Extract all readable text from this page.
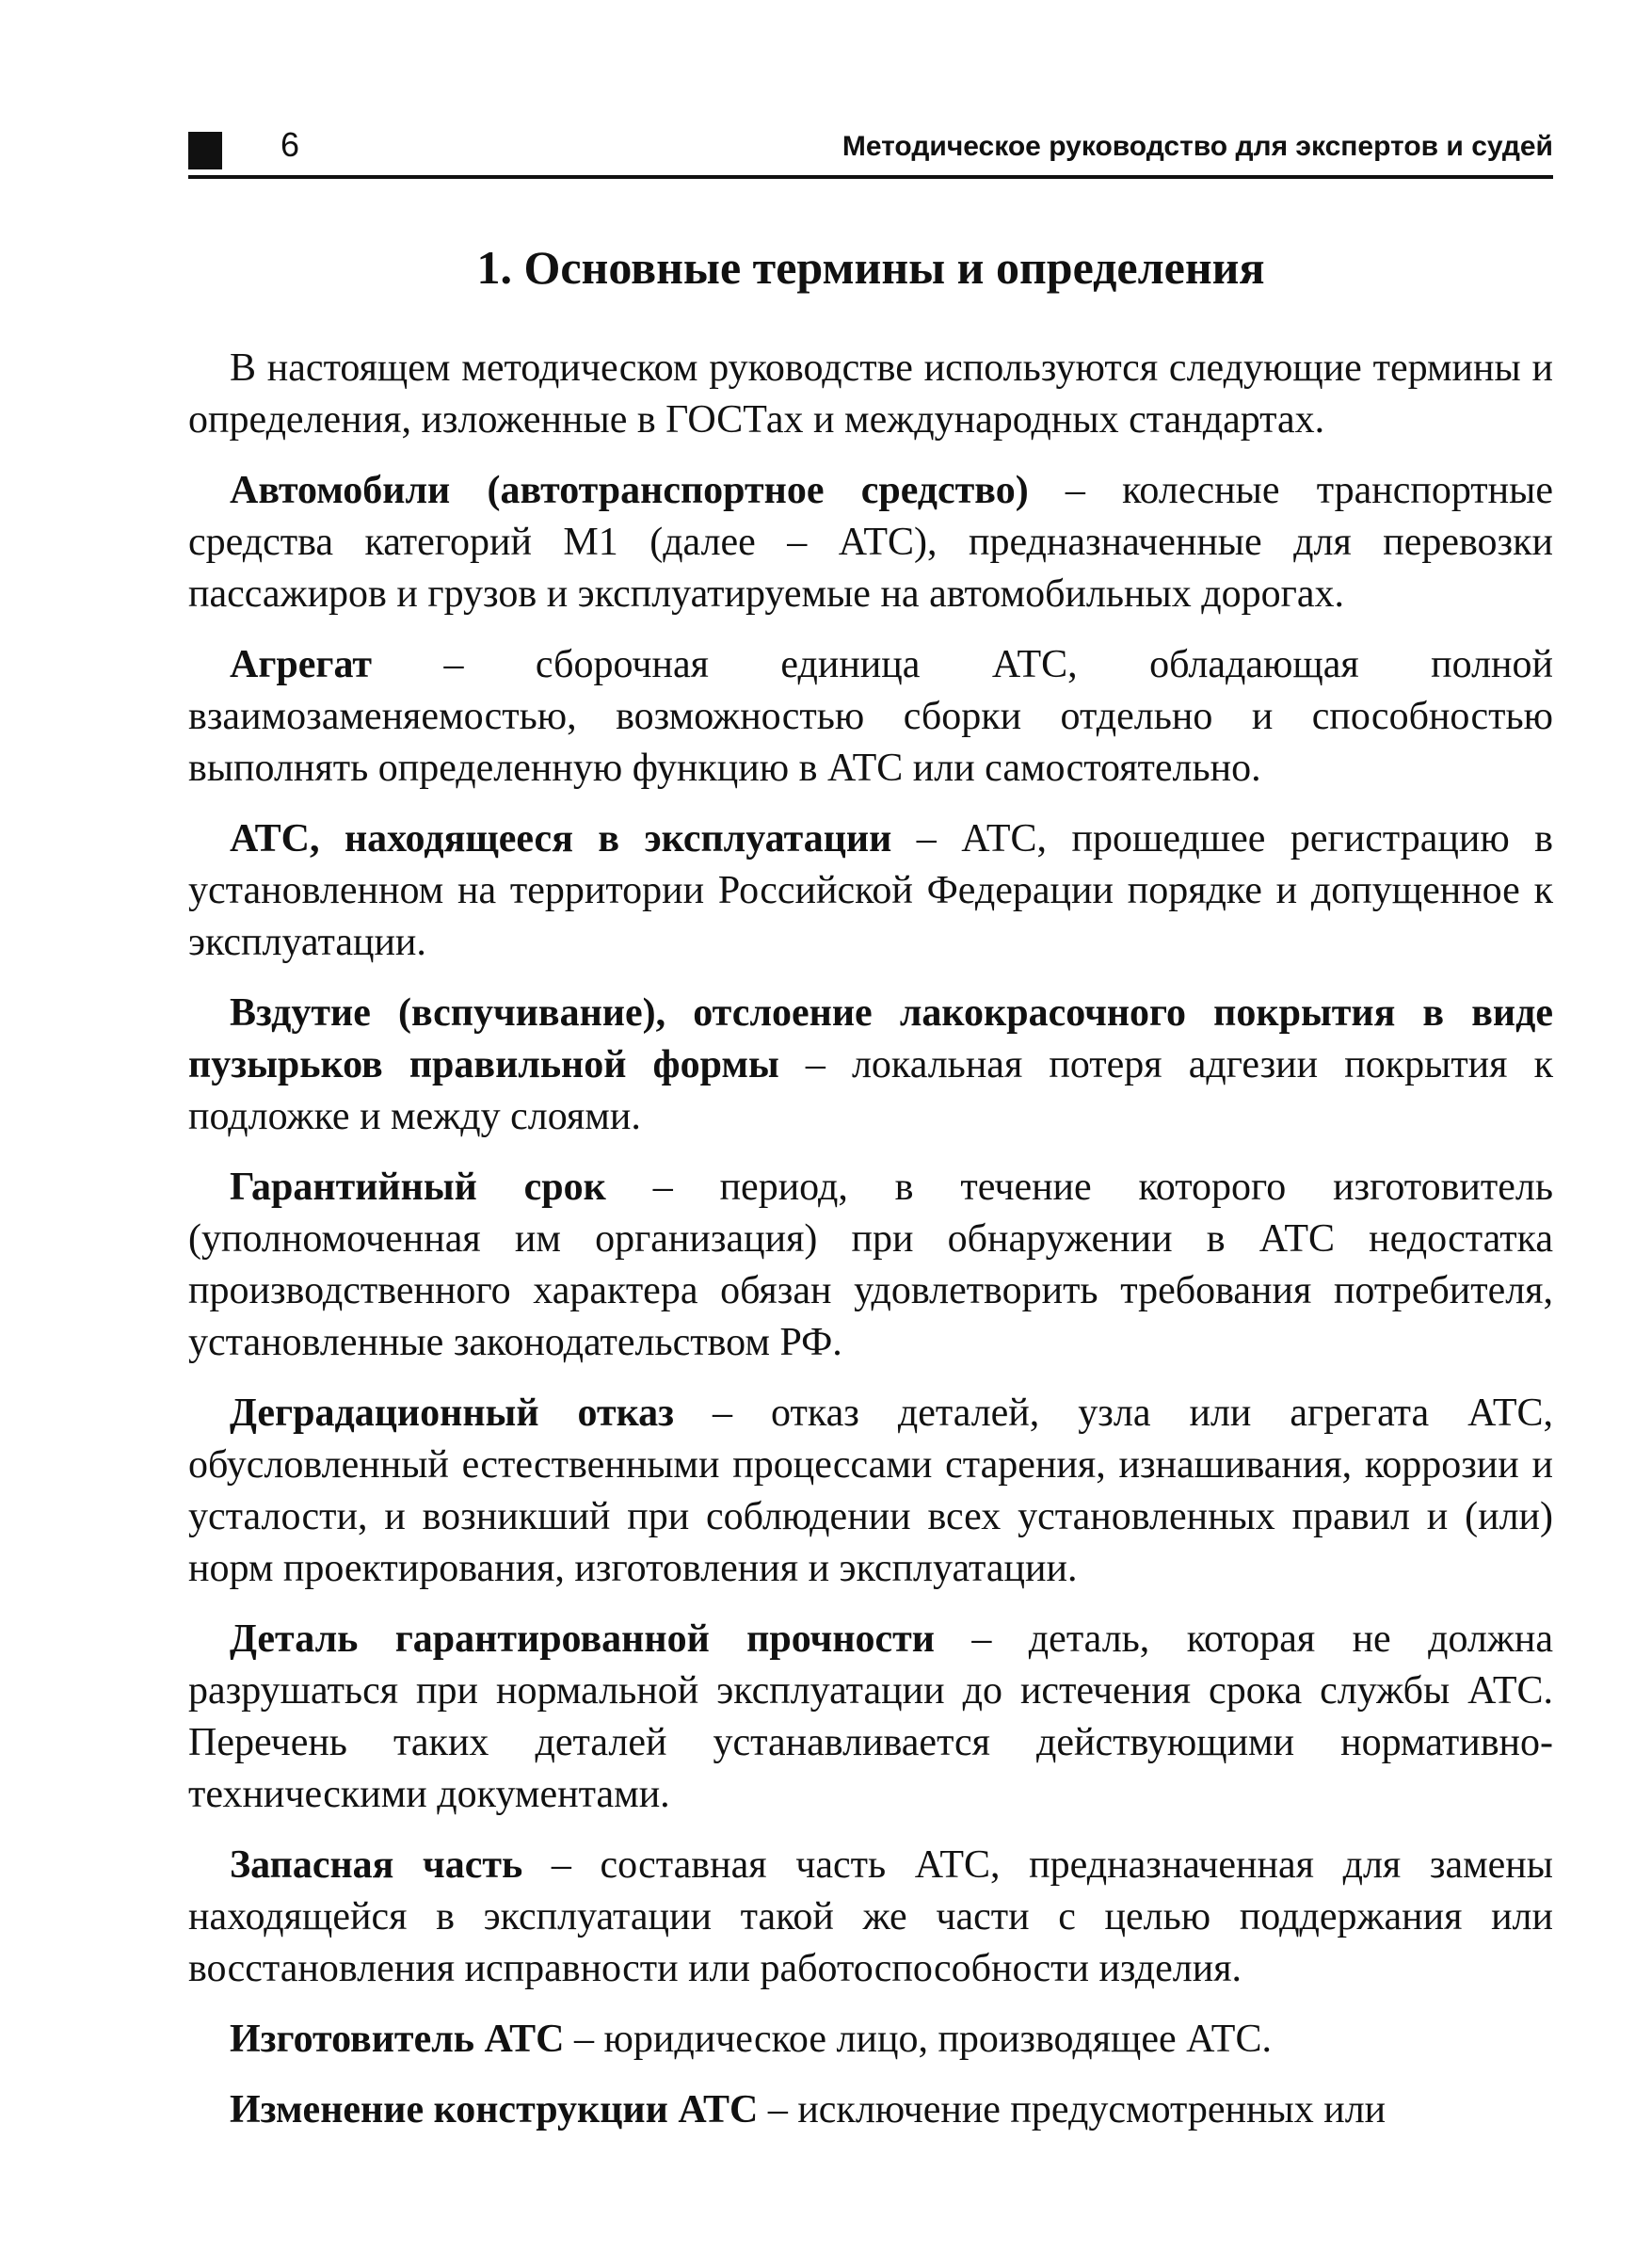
6	Методическое руководство для экспертов и судей
1. Основные термины и определения

В настоящем методическом руководстве используются следующие термины и определения, изложенные в ГОСТах и международных стандартах.

Автомобили (автотранспортное средство) – колесные транспортные средства категорий М1 (далее – АТС), предназначенные для перевозки пассажиров и грузов и эксплуатируемые на автомобильных дорогах.

Агрегат – сборочная единица АТС, обладающая полной взаимозаменяемостью, возможностью сборки отдельно и способностью выполнять определенную функцию в АТС или самостоятельно.

АТС, находящееся в эксплуатации – АТС, прошедшее регистрацию в установленном на территории Российской Федерации порядке и допущенное к эксплуатации.

Вздутие (вспучивание), отслоение лакокрасочного покрытия в виде пузырьков правильной формы – локальная потеря адгезии покрытия к подложке и между слоями.

Гарантийный срок – период, в течение которого изготовитель (уполномоченная им организация) при обнаружении в АТС недостатка производственного характера обязан удовлетворить требования потребителя, установленные законодательством РФ.

Деградационный отказ – отказ деталей, узла или агрегата АТС, обусловленный естественными процессами старения, изнашивания, коррозии и усталости, и возникший при соблюдении всех установленных правил и (или) норм проектирования, изготовления и эксплуатации.

Деталь гарантированной прочности – деталь, которая не должна разрушаться при нормальной эксплуатации до истечения срока службы АТС. Перечень таких деталей устанавливается действующими нормативно-техническими документами.

Запасная часть – составная часть АТС, предназначенная для замены находящейся в эксплуатации такой же части с целью поддержания или восстановления исправности или работоспособности изделия.

Изготовитель АТС – юридическое лицо, производящее АТС.

Изменение конструкции АТС – исключение предусмотренных или
